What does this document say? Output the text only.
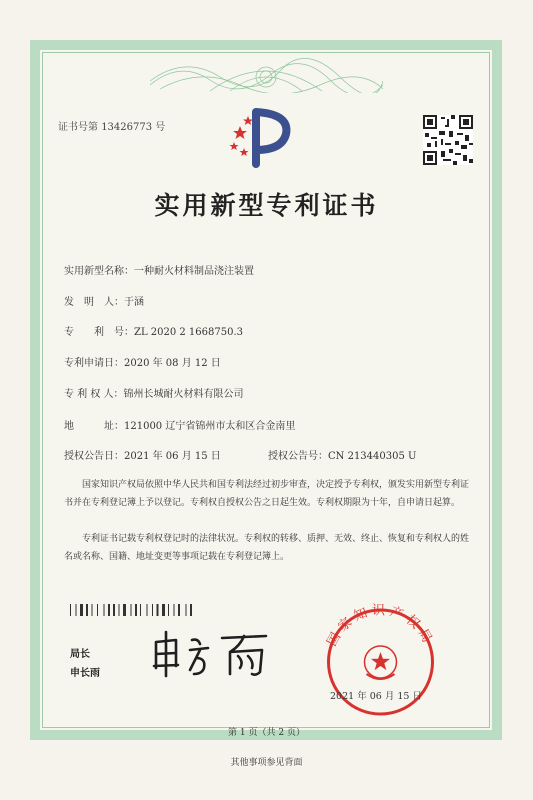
证书号第 13426773 号
实用新型专利证书
实用新型名称：一种耐火材料制品浇注装置
发　明　人：于涵
专　　利　号：ZL 2020 2 1668750.3
专利申请日：2020 年 08 月 12 日
专 利 权 人：锦州长城耐火材料有限公司
地　　　址：121000 辽宁省锦州市太和区合金南里
授权公告日：2021 年 06 月 15 日	授权公告号：CN 213440305 U
国家知识产权局依照中华人民共和国专利法经过初步审查，决定授予专利权，颁发实用新型专利证书并在专利登记簿上予以登记。专利权自授权公告之日起生效。专利权期限为十年，自申请日起算。
专利证书记载专利权登记时的法律状况。专利权的转移、质押、无效、终止、恢复和专利权人的姓名或名称、国籍、地址变更等事项记载在专利登记簿上。
局长
申长雨
国家知识产权局
2021 年 06 月 15 日
第 1 页（共 2 页）
其他事项参见背面
